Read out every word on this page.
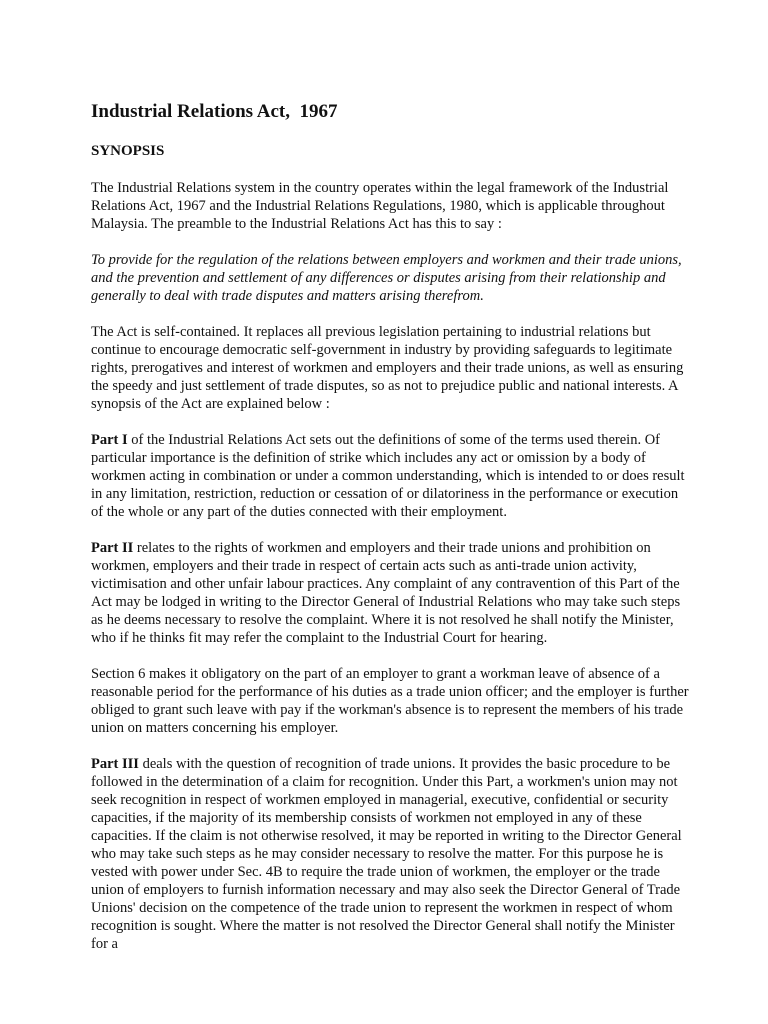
Industrial Relations Act,  1967
SYNOPSIS

The Industrial Relations system in the country operates within the legal framework of the Industrial Relations Act, 1967 and the Industrial Relations Regulations, 1980, which is applicable throughout Malaysia. The preamble to the Industrial Relations Act has this to say :

To provide for the regulation of the relations between employers and workmen and their trade unions, and the prevention and settlement of any differences or disputes arising from their relationship and generally to deal with trade disputes and matters arising therefrom.

The Act is self-contained. It replaces all previous legislation pertaining to industrial relations but continue to encourage democratic self-government in industry by providing safeguards to legitimate rights, prerogatives and interest of workmen and employers and their trade unions, as well as ensuring the speedy and just settlement of trade disputes, so as not to prejudice public and national interests. A synopsis of the Act are explained below :

Part I of the Industrial Relations Act sets out the definitions of some of the terms used therein. Of particular importance is the definition of strike which includes any act or omission by a body of workmen acting in combination or under a common understanding, which is intended to or does result in any limitation, restriction, reduction or cessation of or dilatoriness in the performance or execution of the whole or any part of the duties connected with their employment.

Part II relates to the rights of workmen and employers and their trade unions and prohibition on workmen, employers and their trade in respect of certain acts such as anti-trade union activity, victimisation and other unfair labour practices. Any complaint of any contravention of this Part of the Act may be lodged in writing to the Director General of Industrial Relations who may take such steps as he deems necessary to resolve the complaint. Where it is not resolved he shall notify the Minister, who if he thinks fit may refer the complaint to the Industrial Court for hearing.

Section 6 makes it obligatory on the part of an employer to grant a workman leave of absence of a reasonable period for the performance of his duties as a trade union officer; and the employer is further obliged to grant such leave with pay if the workman's absence is to represent the members of his trade union on matters concerning his employer.

Part III deals with the question of recognition of trade unions. It provides the basic procedure to be followed in the determination of a claim for recognition. Under this Part, a workmen's union may not seek recognition in respect of workmen employed in managerial, executive, confidential or security capacities, if the majority of its membership consists of workmen not employed in any of these capacities. If the claim is not otherwise resolved, it may be reported in writing to the Director General who may take such steps as he may consider necessary to resolve the matter. For this purpose he is vested with power under Sec. 4B to require the trade union of workmen, the employer or the trade union of employers to furnish information necessary and may also seek the Director General of Trade Unions' decision on the competence of the trade union to represent the workmen in respect of whom recognition is sought. Where the matter is not resolved the Director General shall notify the Minister for a
